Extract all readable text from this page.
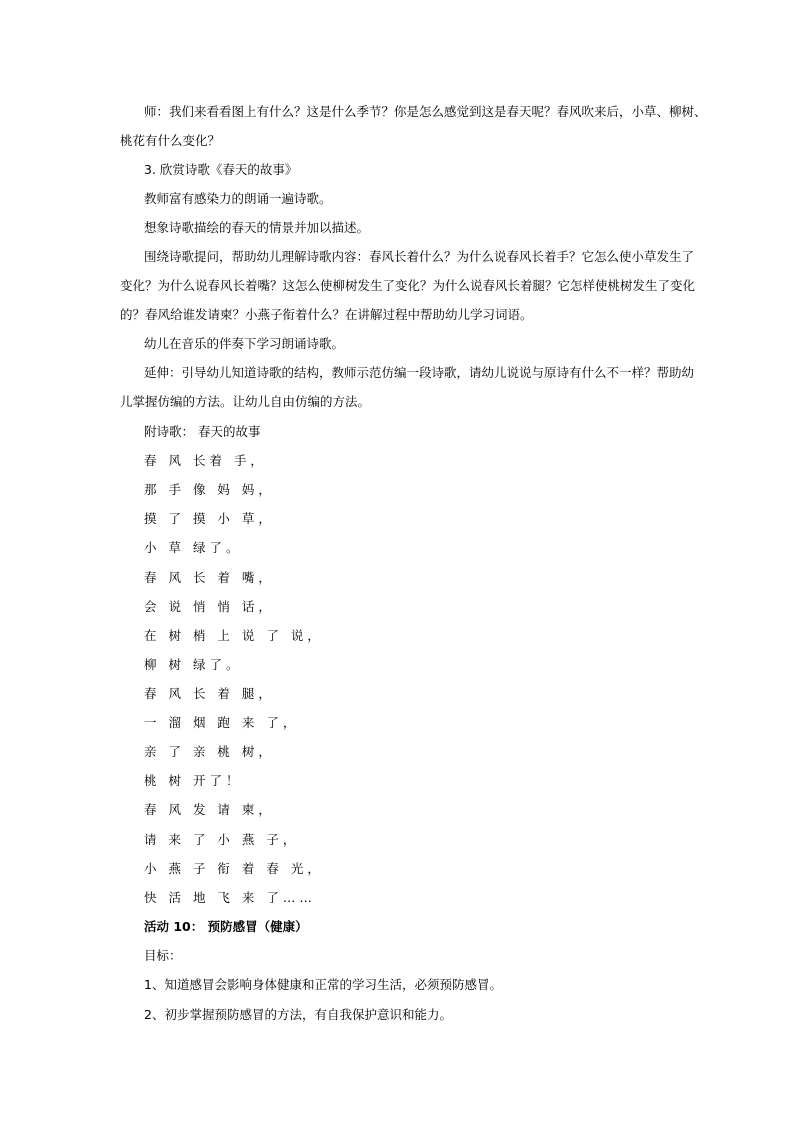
师：我们来看看图上有什么？这是什么季节？你是怎么感觉到这是春天呢？春风吹来后，小草、柳树、
桃花有什么变化？
3. 欣赏诗歌《春天的故事》
教师富有感染力的朗诵一遍诗歌。
想象诗歌描绘的春天的情景并加以描述。
围绕诗歌提问，帮助幼儿理解诗歌内容：春风长着什么？为什么说春风长着手？它怎么使小草发生了
变化？为什么说春风长着嘴？这怎么使柳树发生了变化？为什么说春风长着腿？它怎样使桃树发生了变化
的？春风给谁发请柬？小燕子衔着什么？在讲解过程中帮助幼儿学习词语。
幼儿在音乐的伴奏下学习朗诵诗歌。
延伸：引导幼儿知道诗歌的结构，教师示范仿编一段诗歌，请幼儿说说与原诗有什么不一样？帮助幼
儿掌握仿编的方法。让幼儿自由仿编的方法。
附诗歌： 春天的故事
春 风 长着 手，
那 手 像 妈 妈，
摸 了 摸 小 草，
小 草 绿了。
春 风 长 着 嘴，
会 说 悄 悄 话，
在 树 梢 上 说 了 说，
柳 树 绿了。
春 风 长 着 腿，
一 溜 烟 跑 来 了，
亲 了 亲 桃 树，
桃 树 开了！
春 风 发 请 柬，
请 来 了 小 燕 子，
小 燕 子 衔 着 春 光，
快 活 地 飞 来 了……
活动 10： 预防感冒（健康）
目标：
1、知道感冒会影响身体健康和正常的学习生活，必须预防感冒。
2、初步掌握预防感冒的方法，有自我保护意识和能力。
